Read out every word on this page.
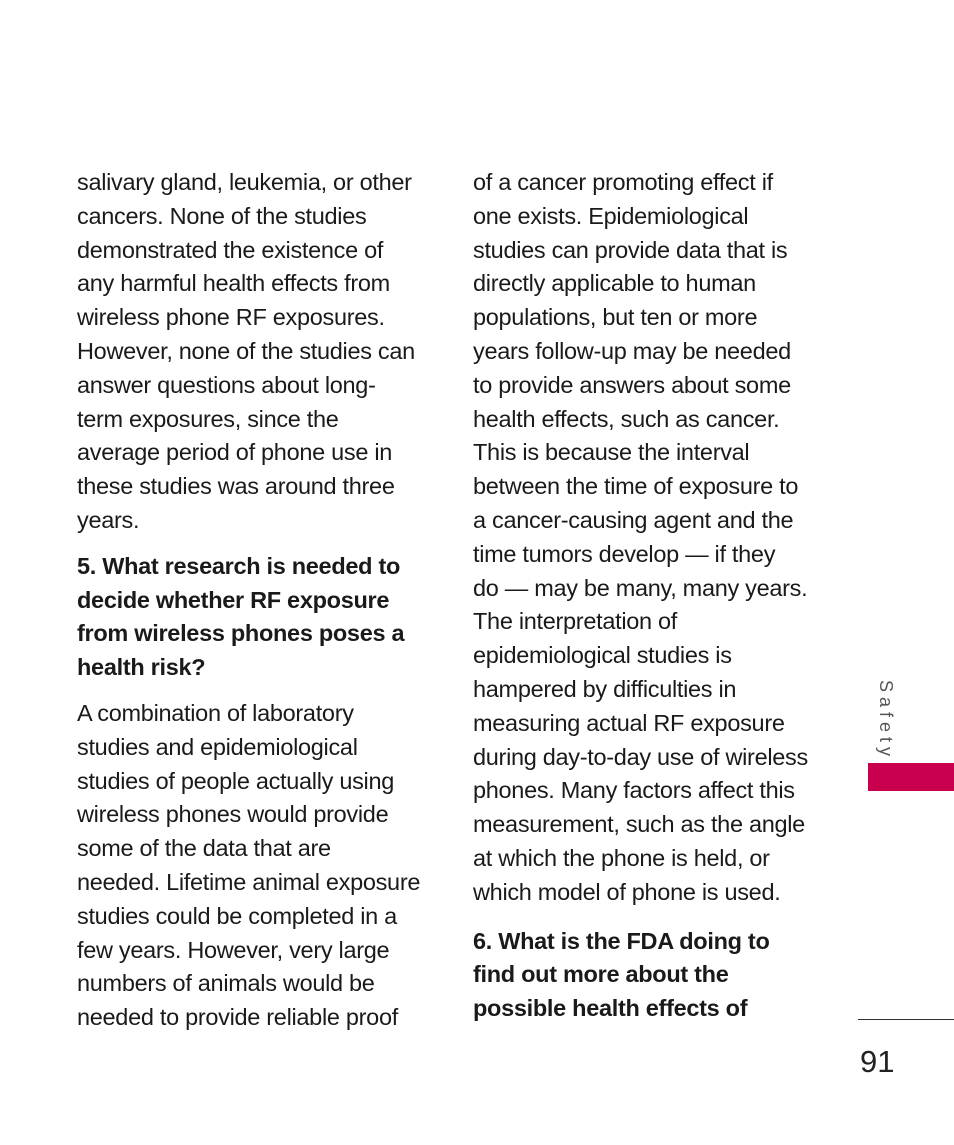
salivary gland, leukemia, or other
cancers. None of the studies
demonstrated the existence of
any harmful health effects from
wireless phone RF exposures.
However, none of the studies can
answer questions about long-
term exposures, since the
average period of phone use in
these studies was around three
years.

5. What research is needed to
decide whether RF exposure
from wireless phones poses a
health risk?

A combination of laboratory
studies and epidemiological
studies of people actually using
wireless phones would provide
some of the data that are
needed. Lifetime animal exposure
studies could be completed in a
few years. However, very large
numbers of animals would be
needed to provide reliable proof

of a cancer promoting effect if
one exists. Epidemiological
studies can provide data that is
directly applicable to human
populations, but ten or more
years follow-up may be needed
to provide answers about some
health effects, such as cancer.
This is because the interval
between the time of exposure to
a cancer-causing agent and the
time tumors develop — if they
do — may be many, many years.
The interpretation of
epidemiological studies is
hampered by difficulties in
measuring actual RF exposure
during day-to-day use of wireless
phones. Many factors affect this
measurement, such as the angle
at which the phone is held, or
which model of phone is used.

6. What is the FDA doing to
find out more about the
possible health effects of

Safety
91
